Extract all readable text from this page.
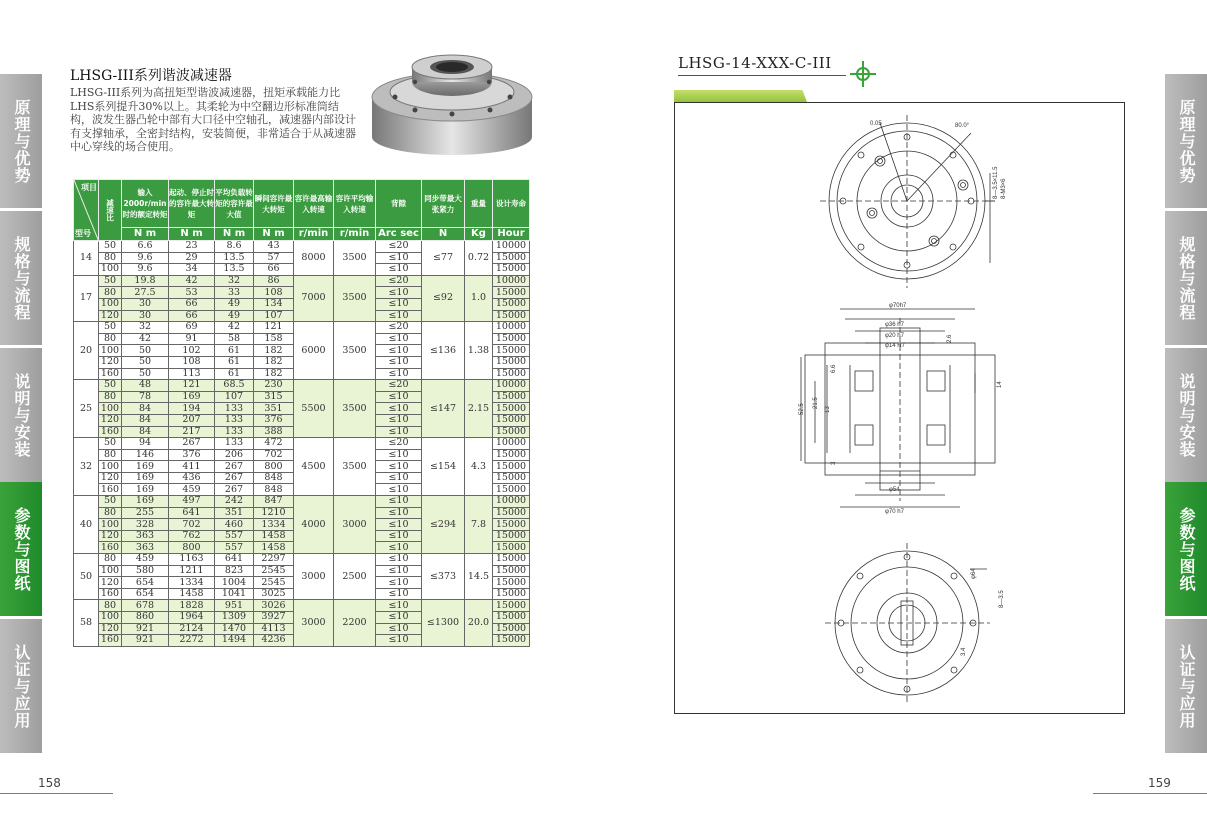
原理与优势
规格与流程
说明与安装
参数与图纸
认证与应用
原理与优势
规格与流程
说明与安装
参数与图纸
认证与应用
LHSG-III系列谐波减速器
LHSG-III系列为高扭矩型谐波减速器，扭矩承载能力比LHS系列提升30%以上。其柔轮为中空翻边形标准筒结构，波发生器凸轮中部有大口径中空轴孔，减速器内部设计有支撑轴承，全密封结构，安装简便，非常适合于从减速器中心穿线的场合使用。
项目
型号	减速比	输入2000r/min时的额定转矩	起动、停止时的容许最大转矩	平均负载转矩的容许最大值	瞬间容许最大转矩	容许最高输入转速	容许平均输入转速	背隙	同步带最大张紧力	重量	设计寿命
		N m	N m	N m	N m	r/min	r/min	Arc sec	N	Kg	Hour
14	50	6.6	23	8.6	43	8000	3500	≤20	≤77	0.72	10000
	80	9.6	29	13.5	57			≤10			15000
	100	9.6	34	13.5	66			≤10			15000
17	50	19.8	42	32	86	7000	3500	≤20	≤92	1.0	10000
	80	27.5	53	33	108			≤10			15000
	100	30	66	49	134			≤10			15000
	120	30	66	49	107			≤10			15000
20	50	32	69	42	121	6000	3500	≤20	≤136	1.38	10000
	80	42	91	58	158			≤10			15000
	100	50	102	61	182			≤10			15000
	120	50	108	61	182			≤10			15000
	160	50	113	61	182			≤10			15000
25	50	48	121	68.5	230	5500	3500	≤20	≤147	2.15	10000
	80	78	169	107	315			≤10			15000
	100	84	194	133	351			≤10			15000
	120	84	207	133	376			≤10			15000
	160	84	217	133	388			≤10			15000
32	50	94	267	133	472	4500	3500	≤20	≤154	4.3	10000
	80	146	376	206	702			≤10			15000
	100	169	411	267	800			≤10			15000
	120	169	436	267	848			≤10			15000
	160	169	459	267	848			≤10			15000
40	50	169	497	242	847	4000	3000	≤10	≤294	7.8	10000
	80	255	641	351	1210			≤10			15000
	100	328	702	460	1334			≤10			15000
	120	363	762	557	1458			≤10			15000
	160	363	800	557	1458			≤10			15000
50	80	459	1163	641	2297	3000	2500	≤10	≤373	14.5	15000
	100	580	1211	823	2545			≤10			15000
	120	654	1334	1004	2545			≤10			15000
	160	654	1458	1041	3025			≤10			15000
58	80	678	1828	951	3026	3000	2200	≤10	≤1300	20.0	15000
	100	860	1964	1309	3927			≤10			15000
	120	921	2124	1470	4113			≤10			15000
	160	921	2272	1494	4236			≤10			15000
158	159
LHSG-14-XXX-C-III
0.05	80.0°
8—3.5×11.5 8-M3×6
φ70h7
φ36 h7
φ20 h7
φ14 H7
φ54
φ70 h7
52.5
21.5
13
6.6
2.6
14
3
φ64
8—3.5
3.4
